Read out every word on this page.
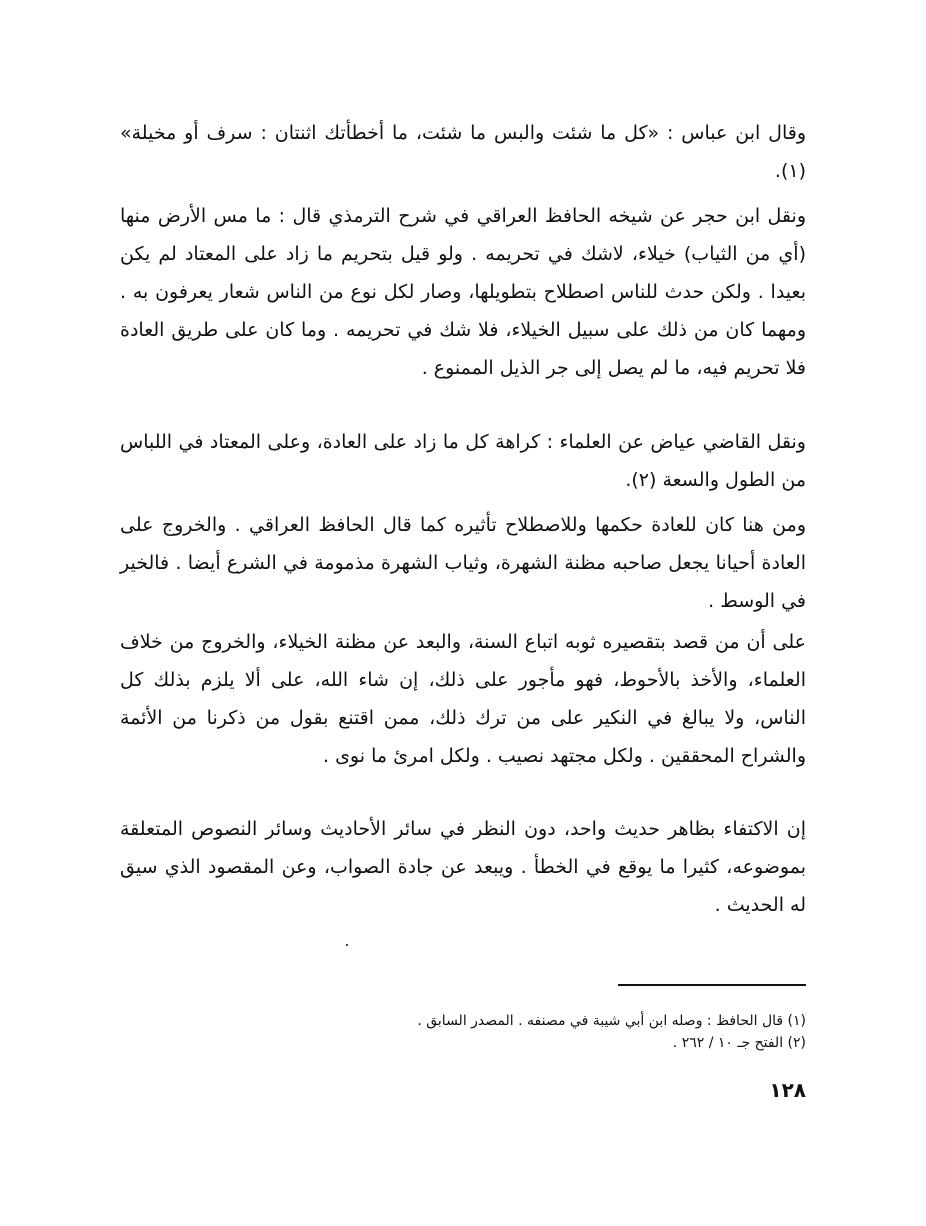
وقال ابن عباس : «كل ما شئت والبس ما شئت، ما أخطأتك اثنتان : سرف أو مخيلة» (١).

ونقل ابن حجر عن شيخه الحافظ العراقي في شرح الترمذي قال : ما مس الأرض منها (أي من الثياب) خيلاء، لاشك في تحريمه . ولو قيل بتحريم ما زاد على المعتاد لم يكن بعيدا . ولكن حدث للناس اصطلاح بتطويلها، وصار لكل نوع من الناس شعار يعرفون به . ومهما كان من ذلك على سبيل الخيلاء، فلا شك في تحريمه . وما كان على طريق العادة فلا تحريم فيه، ما لم يصل إلى جر الذيل الممنوع .

ونقل القاضي عياض عن العلماء : كراهة كل ما زاد على العادة، وعلى المعتاد في اللباس من الطول والسعة (٢).

ومن هنا كان للعادة حكمها وللاصطلاح تأثيره كما قال الحافظ العراقي . والخروج على العادة أحيانا يجعل صاحبه مظنة الشهرة، وثياب الشهرة مذمومة في الشرع أيضا . فالخير في الوسط .

على أن من قصد بتقصيره ثوبه اتباع السنة، والبعد عن مظنة الخيلاء، والخروج من خلاف العلماء، والأخذ بالأحوط، فهو مأجور على ذلك، إن شاء الله، على ألا يلزم بذلك كل الناس، ولا يبالغ في النكير على من ترك ذلك، ممن اقتنع بقول من ذكرنا من الأئمة والشراح المحققين . ولكل مجتهد نصيب . ولكل امرئ ما نوى .

إن الاكتفاء بظاهر حديث واحد، دون النظر في سائر الأحاديث وسائر النصوص المتعلقة بموضوعه، كثيرا ما يوقع في الخطأ . ويبعد عن جادة الصواب، وعن المقصود الذي سيق له الحديث .

(١) قال الحافظ : وصله ابن أبي شيبة في مصنفه . المصدر السابق .
(٢) الفتح جـ ١٠ / ٢٦٢ .
١٢٨
